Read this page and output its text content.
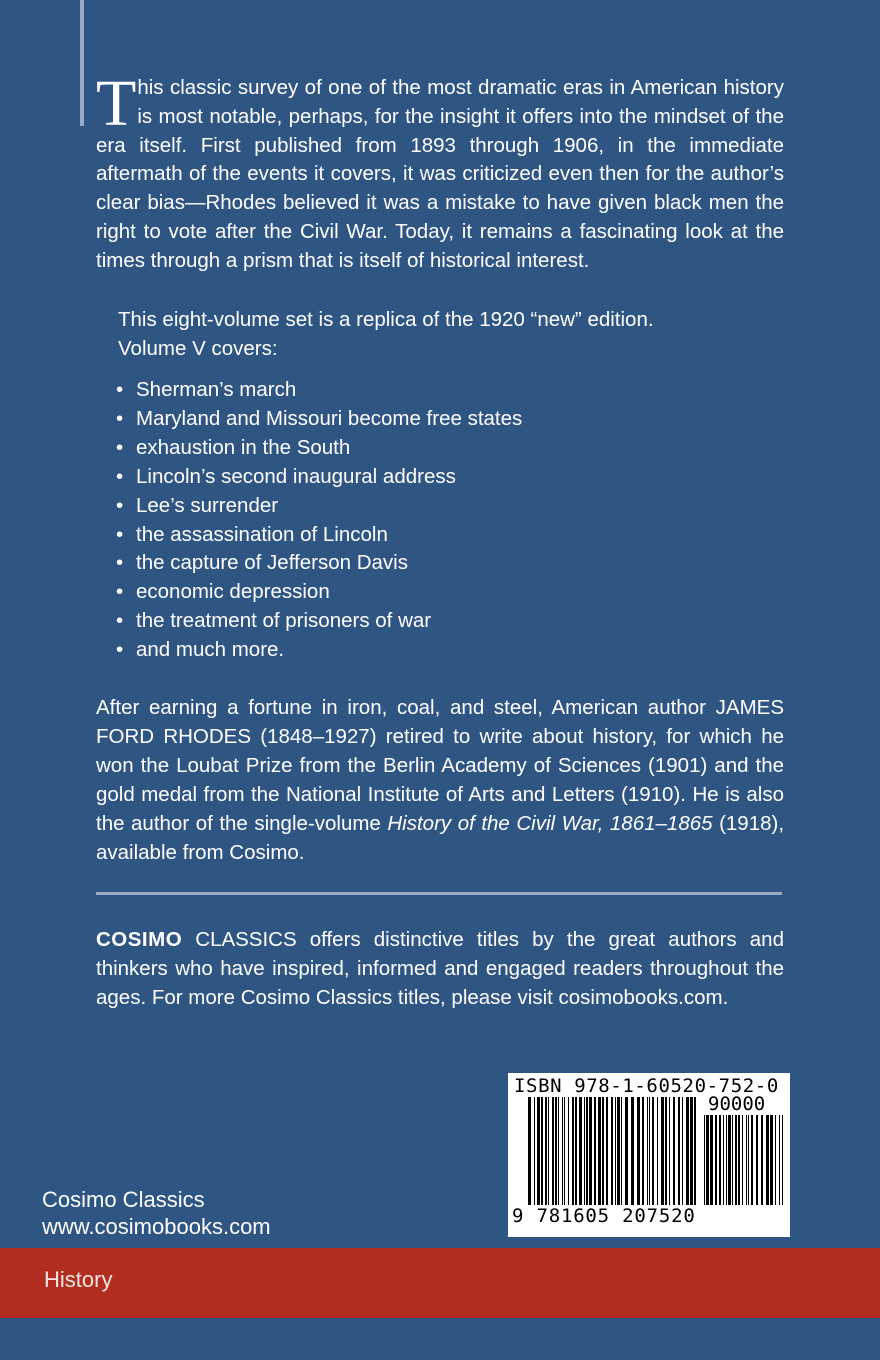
This classic survey of one of the most dramatic eras in American history is most notable, perhaps, for the insight it offers into the mindset of the era itself. First published from 1893 through 1906, in the immediate aftermath of the events it covers, it was criticized even then for the author’s clear bias—Rhodes believed it was a mistake to have given black men the right to vote after the Civil War. Today, it remains a fascinating look at the times through a prism that is itself of historical interest.

This eight-volume set is a replica of the 1920 “new” edition.

Volume V covers:

• Sherman’s march
• Maryland and Missouri become free states
• exhaustion in the South
• Lincoln’s second inaugural address
• Lee’s surrender
• the assassination of Lincoln
• the capture of Jefferson Davis
• economic depression
• the treatment of prisoners of war
• and much more.

After earning a fortune in iron, coal, and steel, American author JAMES FORD RHODES (1848–1927) retired to write about history, for which he won the Loubat Prize from the Berlin Academy of Sciences (1901) and the gold medal from the National Institute of Arts and Letters (1910). He is also the author of the single-volume History of the Civil War, 1861–1865 (1918), available from Cosimo.

COSIMO CLASSICS offers distinctive titles by the great authors and thinkers who have inspired, informed and engaged readers throughout the ages. For more Cosimo Classics titles, please visit cosimobooks.com.

Cosimo Classics
www.cosimobooks.com
ISBN 978-1-60520-752-0
90000
9 781605 207520
History
